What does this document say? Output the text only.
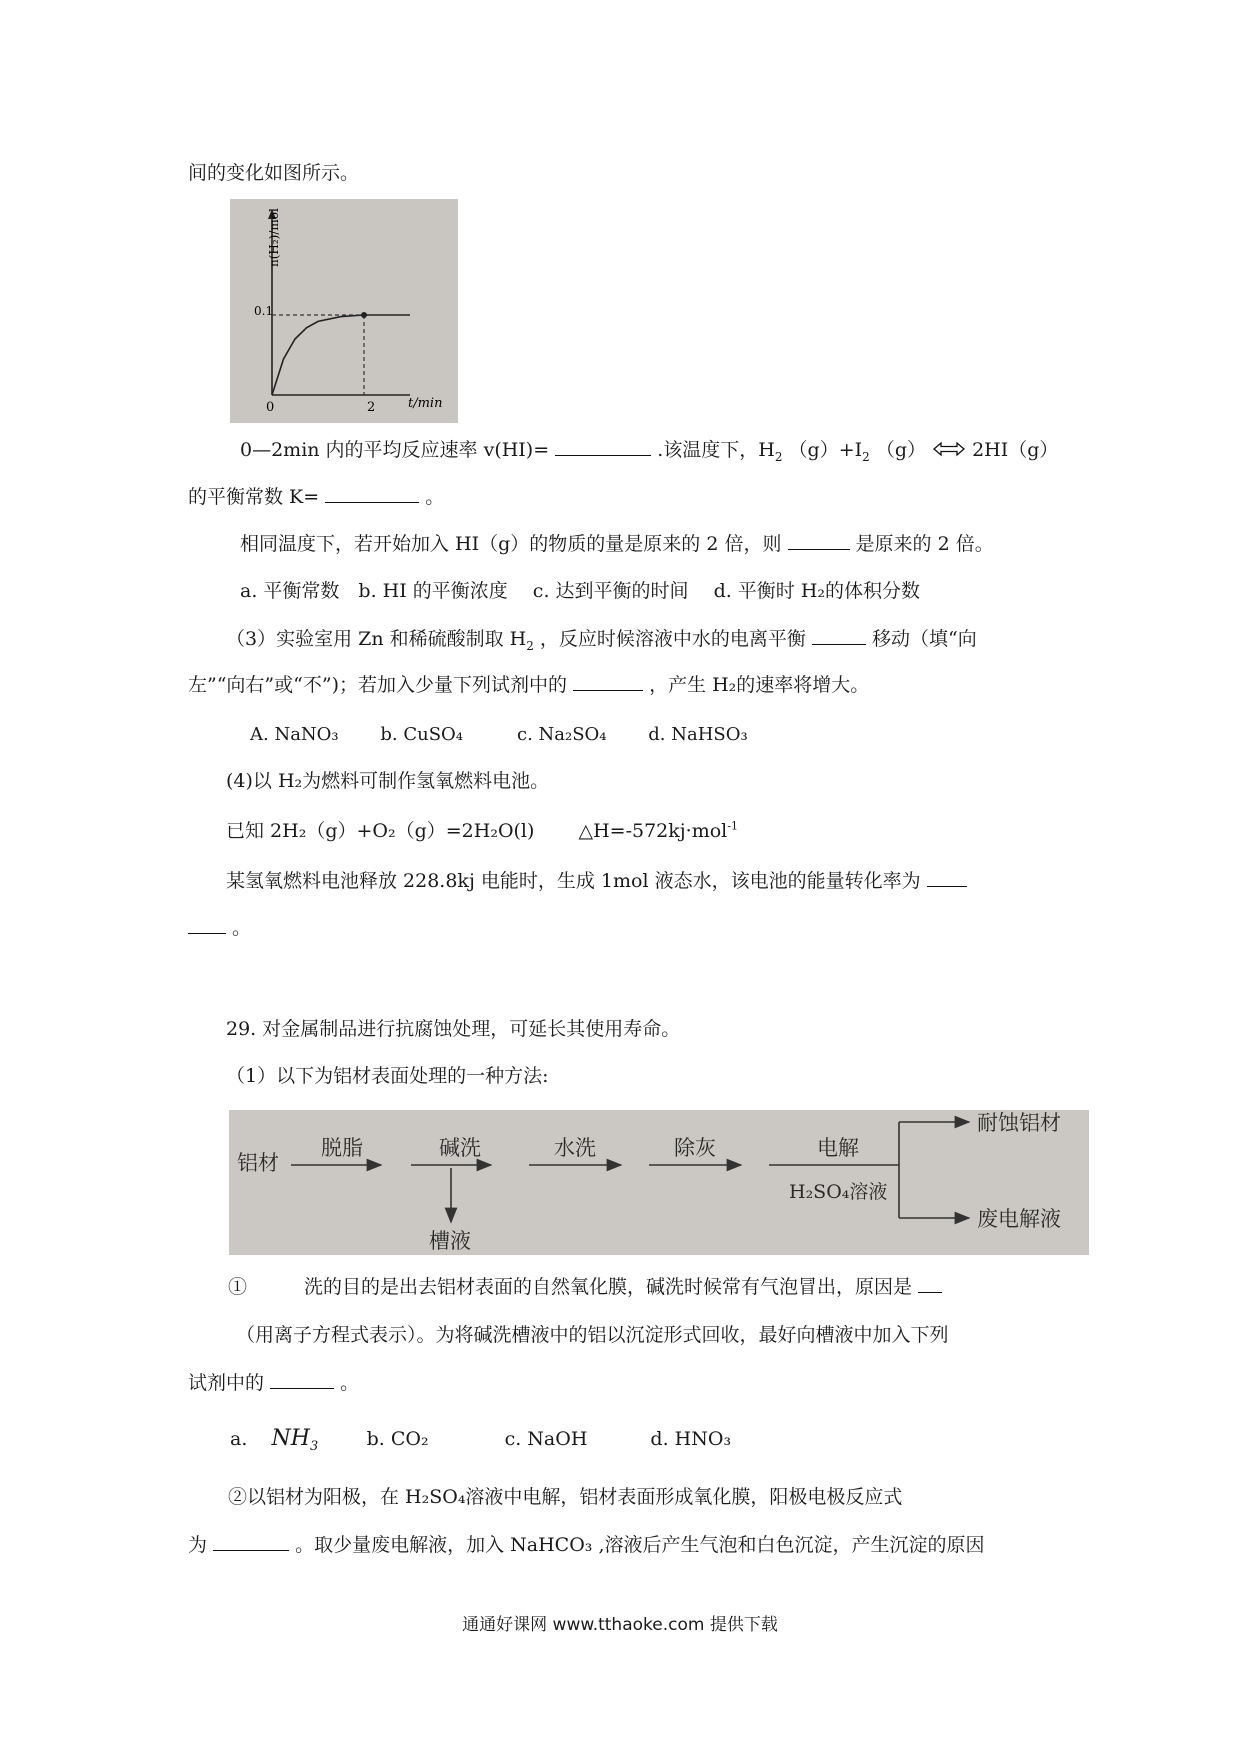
间的变化如图所示。
n(H₂)/mol
0.1
0	2	t/min
0—2min 内的平均反应速率 v(HI)=	.该温度下，$H_2$ $(g)+I_2$ （g） ⇌ 2HI（g）
的平衡常数 K=	。
相同温度下，若开始加入 HI（g）的物质的量是原来的 2 倍，则	是原来的 2 倍。
a. 平衡常数　b. HI 的平衡浓度　 c. 达到平衡的时间　 d. 平衡时 H₂的体积分数
（3）实验室用 Zn 和稀硫酸制取 $H_2$ ，反应时候溶液中水的电离平衡	移动（填“向
左”“向右”或“不”)；若加入少量下列试剂中的	，产生 H₂的速率将增大。
A. NaNO₃　　 b. CuSO₄　　　c. Na₂SO₄　　 d. NaHSO₃
(4)以 H₂为燃料可制作氢氧燃料电池。
已知 2H₂（g）+O₂（g）=2H₂O(l)　　 △H=-572kj·mol$^{-1}$
某氢氧燃料电池释放 228.8kj 电能时，生成 1mol 液态水，该电池的能量转化率为
。
29. 对金属制品进行抗腐蚀处理，可延长其使用寿命。
（1）以下为铝材表面处理的一种方法:
铝材
脱脂	碱洗
槽液
水洗	除灰	电解
H₂SO₄溶液
耐蚀铝材
废电解液
①　　　洗的目的是出去铝材表面的自然氧化膜，碱洗时候常有气泡冒出，原因是
（用离子方程式表示）。为将碱洗槽液中的铝以沉淀形式回收，最好向槽液中加入下列
试剂中的	。
a. $NH_3$	b. CO₂　　　　c. NaOH　　　 d. HNO₃
②以铝材为阳极，在 H₂SO₄溶液中电解，铝材表面形成氧化膜，阳极电极反应式
为	。取少量废电解液，加入 NaHCO₃ ,溶液后产生气泡和白色沉淀，产生沉淀的原因
通通好课网 www.tthaoke.com 提供下载
